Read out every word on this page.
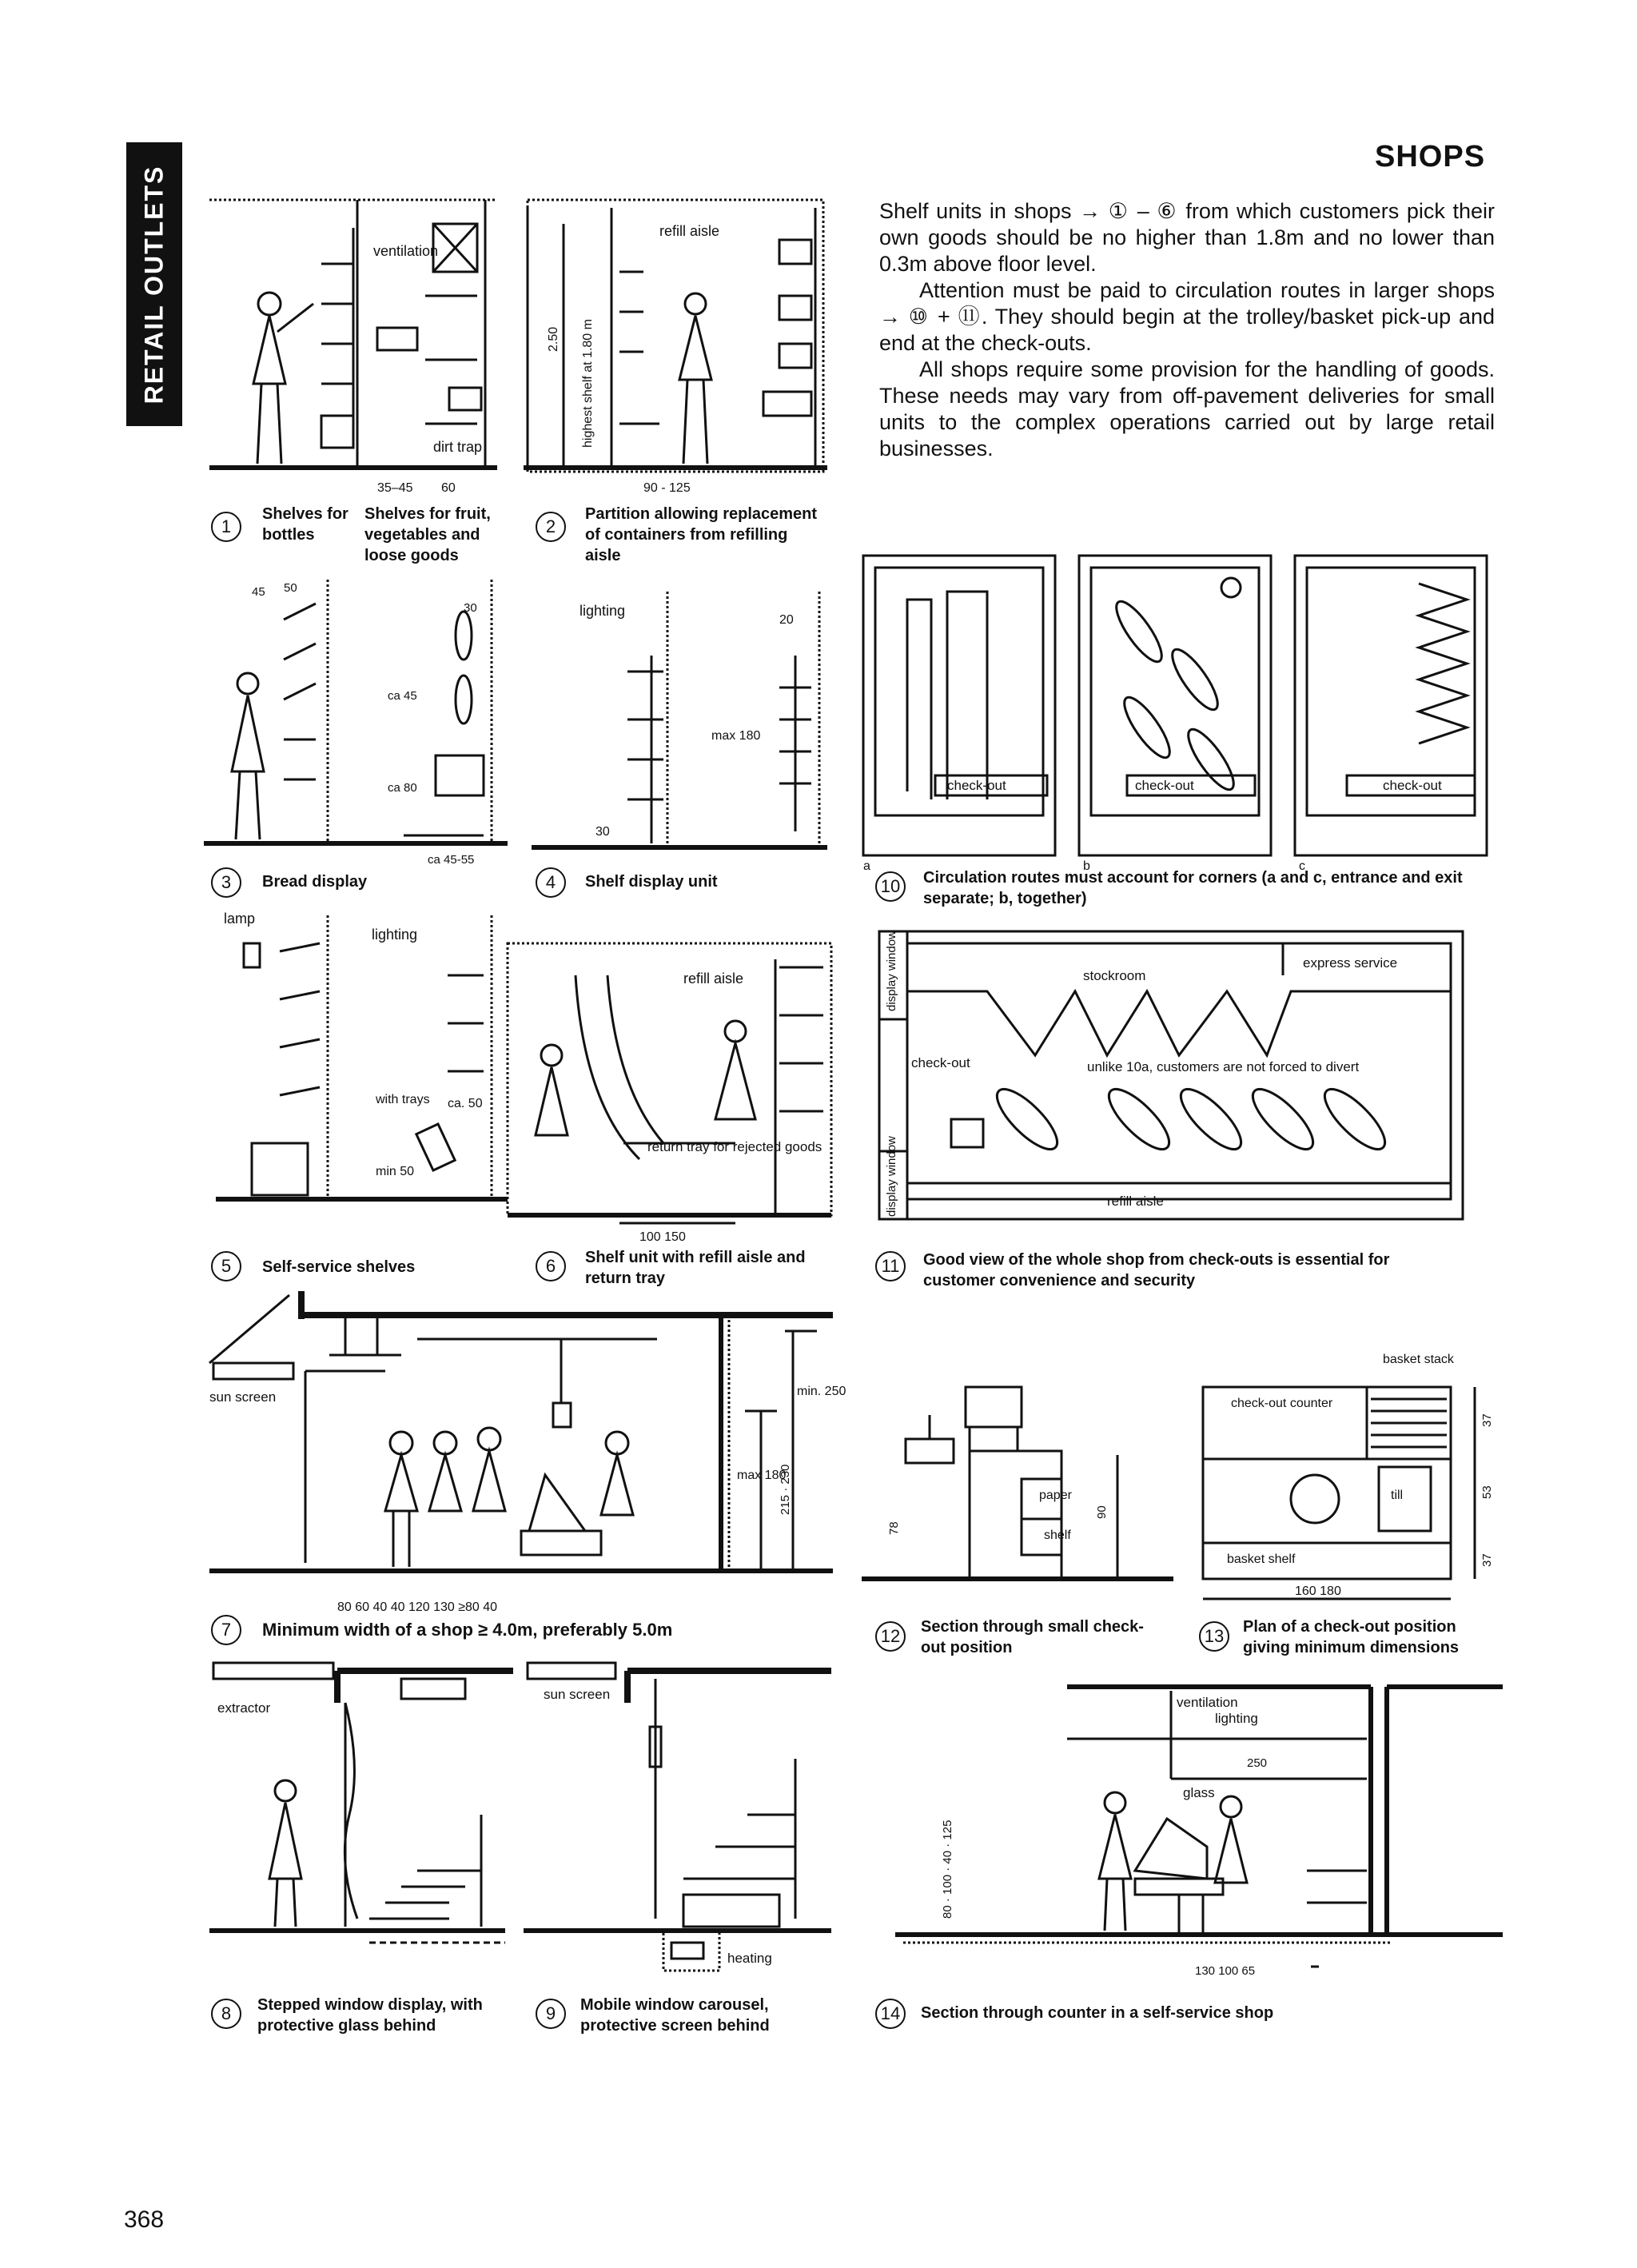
RETAIL OUTLETS
SHOPS

Shelf units in shops → ① – ⑥ from which customers pick their own goods should be no higher than 1.8m and no lower than 0.3m above floor level.

Attention must be paid to circulation routes in larger shops → ⑩ + ⑪. They should begin at the trolley/basket pick-up and end at the check-outs.

All shops require some provision for the handling of goods. These needs may vary from off-pavement deliveries for small units to the complex operations carried out by large retail businesses.

ventilation
dirt trap
35–45 60
1
Shelves for bottles
Shelves for fruit, vegetables and loose goods
refill aisle
2.50 highest shelf at 1.80 m
90 - 125
2
Partition allowing replacement of containers from refilling aisle
45 50
30
ca 45
ca 80
ca 45-55
3	Bread display
lighting
20
max 180
30
4	Shelf display unit
lamp
lighting
with trays ca. 50
min 50
5	Self-service shelves
refill aisle
return tray for rejected goods
100 150
6	Shelf unit with refill aisle and return tray
sun screen	min. 250
215 · 230
max 180
80 60 40 40 120 130 ≥80 40
7	Minimum width of a shop ≥ 4.0m, preferably 5.0m
extractor
8	Stepped window display, with protective glass behind
sun screen
heating
9	Mobile window carousel, protective screen behind
check-out	check-out	check-out
a	b	c
10	Circulation routes must account for corners (a and c, entrance and exit separate; b, together)
display window
display window
stockroom
express service
check-out	unlike 10a, customers are not forced to divert
refill aisle
11	Good view of the whole shop from check-outs is essential for customer convenience and security
paper
shelf
78
90
12	Section through small check-out position
basket stack
check-out counter
till
basket shelf
160 180
37
53
37
13	Plan of a check-out position giving minimum dimensions
ventilation
lighting
250
glass
130 100 65
80 · 100 · 40 · 125
14	Section through counter in a self-service shop
368
